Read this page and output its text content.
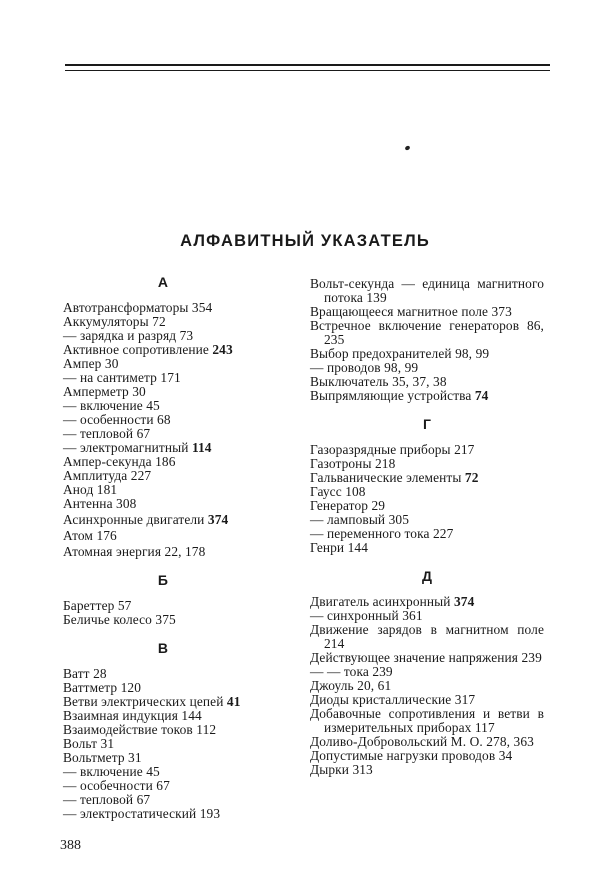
АЛФАВИТНЫЙ УКАЗАТЕЛЬ
А
Автотрансформаторы 354
Аккумуляторы 72
— зарядка и разряд 73
Активное сопротивление 243
Ампер 30
— на сантиметр 171
Амперметр 30
— включение 45
— особенности 68
— тепловой 67
— электромагнитный 114
Ампер-секунда 186
Амплитуда 227
Анод 181
Антенна 308
Асинхронные двигатели 374
Атом 176
Атомная энергия 22, 178
Б
Бареттер 57
Беличье колесо 375
В
Ватт 28
Ваттметр 120
Ветви электрических цепей 41
Взаимная индукция 144
Взаимодействие токов 112
Вольт 31
Вольтметр 31
— включение 45
— особечности 67
— тепловой 67
— электростатический 193
Вольт-секунда — единица магнитного потока 139
Вращающееся магнитное поле 373
Встречное включение генераторов 86, 235
Выбор предохранителей 98, 99
— проводов 98, 99
Выключатель 35, 37, 38
Выпрямляющие устройства 74
Г
Газоразрядные приборы 217
Газотроны 218
Гальванические элементы 72
Гаусс 108
Генератор 29
— ламповый 305
— переменного тока 227
Генри 144
Д
Двигатель асинхронный 374
— синхронный 361
Движение зарядов в магнитном поле 214
Действующее значение напряжения 239
— — тока 239
Джоуль 20, 61
Диоды кристаллические 317
Добавочные сопротивления и ветви в измерительных приборах 117
Доливо-Добровольский М. О. 278, 363
Допустимые нагрузки проводов 34
Дырки 313
388
